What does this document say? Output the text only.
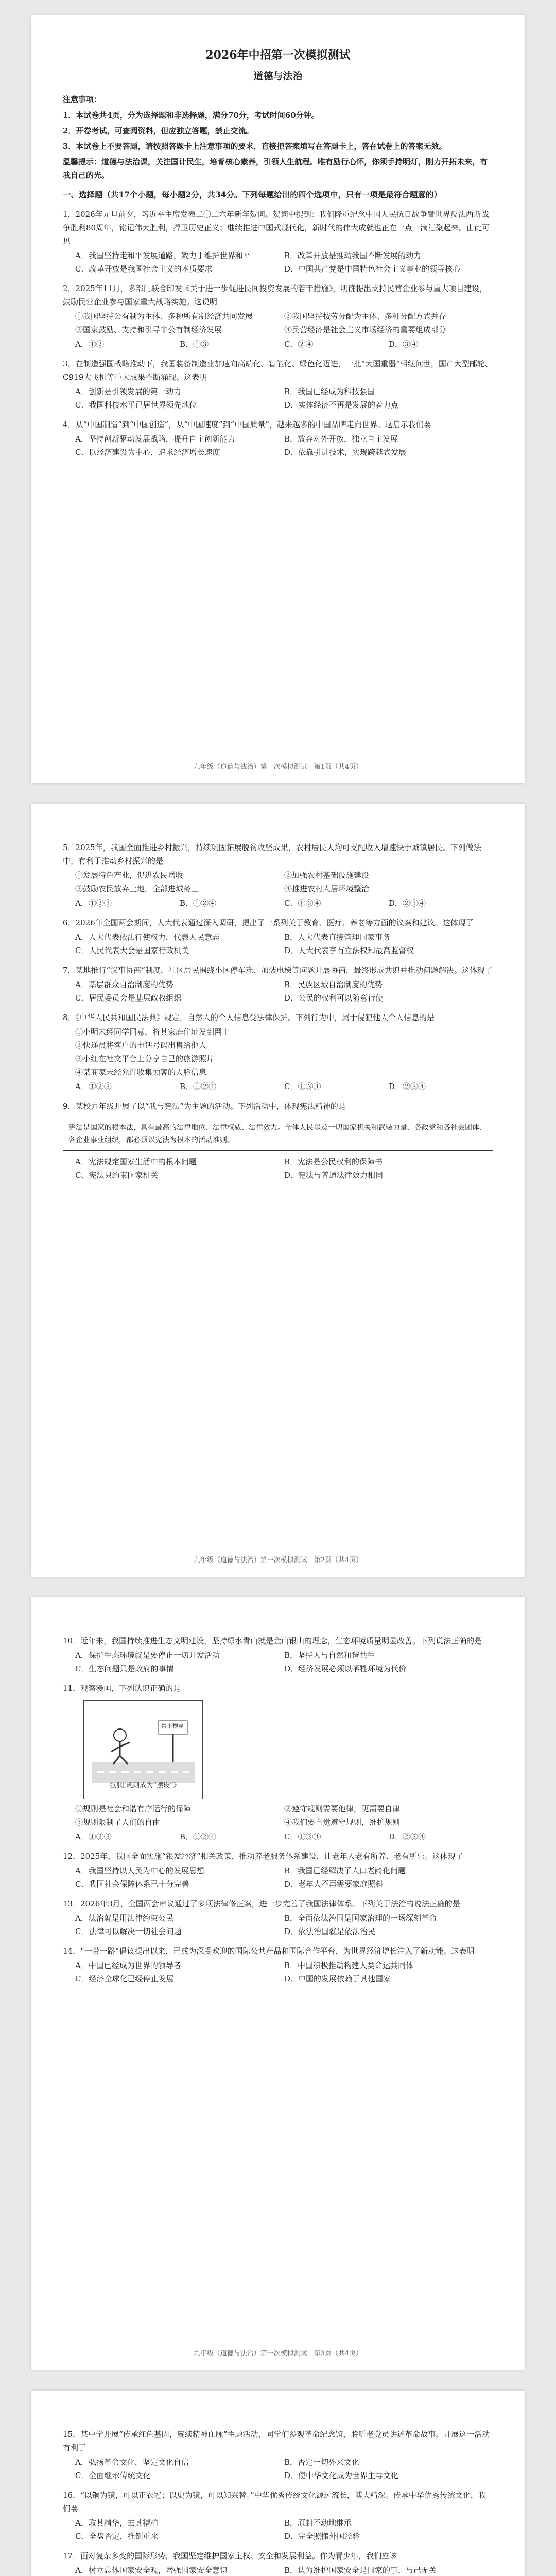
2026年中招第一次模拟测试

道德与法治

注意事项：

1．本试卷共4页，分为选择题和非选择题，满分70分，考试时间60分钟。

2．开卷考试，可查阅资料，但应独立答题，禁止交流。

3．本试卷上不要答题，请按照答题卡上注意事项的要求，直接把答案填写在答题卡上，答在试卷上的答案无效。

温馨提示：道德与法治课，关注国计民生，培育核心素养，引领人生航程。唯有励行心怀，你须手持明灯，刚力开拓未来，有我自己的光。

一、选择题（共17个小题，每小题2分，共34分。下列每题给出的四个选项中，只有一项是最符合题意的）

1．2026年元旦前夕，习近平主席发表二〇二六年新年贺词。贺词中提到：我们隆重纪念中国人民抗日战争暨世界反法西斯战争胜利80周年，铭记伟大胜利，捍卫历史正义；继续推进中国式现代化，新时代的伟大成就也正在一点一滴汇聚起来。由此可见

A．我国坚持走和平发展道路，致力于维护世界和平	B．改革开放是推动我国不断发展的动力
C．改革开放是我国社会主义的本质要求	D．中国共产党是中国特色社会主义事业的领导核心

2．2025年11月，多部门联合印发《关于进一步促进民间投资发展的若干措施》，明确提出支持民营企业参与重大项目建设，鼓励民营企业参与国家重大战略实施。这说明

①我国坚持公有制为主体、多种所有制经济共同发展	②我国坚持按劳分配为主体、多种分配方式并存
③国家鼓励、支持和引导非公有制经济发展	④民营经济是社会主义市场经济的重要组成部分
A．①②	B．①③	C．②④	D．③④

3．在制造强国战略推动下，我国装备制造业加速向高端化、智能化、绿色化迈进，一批“大国重器”相继问世，国产大型邮轮、C919大飞机等重大成果不断涌现。这表明

A．创新是引领发展的第一动力	B．我国已经成为科技强国
C．我国科技水平已居世界领先地位	D．实体经济不再是发展的着力点

4．从“中国制造”到“中国创造”，从“中国速度”到“中国质量”，越来越多的中国品牌走向世界。这启示我们要

A．坚持创新驱动发展战略，提升自主创新能力	B．放弃对外开放，独立自主发展
C．以经济建设为中心，追求经济增长速度	D．依靠引进技术，实现跨越式发展
九年级（道德与法治）第一次模拟测试　第1页（共4页）

5．2025年，我国全面推进乡村振兴，持续巩固拓展脱贫攻坚成果，农村居民人均可支配收入增速快于城镇居民。下列做法中，有利于推动乡村振兴的是

①发展特色产业，促进农民增收	②加强农村基础设施建设
③鼓励农民放弃土地，全部进城务工	④推进农村人居环境整治
A．①②③	B．①②④	C．①③④	D．②③④

6．2026年全国两会期间，人大代表通过深入调研，提出了一系列关于教育、医疗、养老等方面的议案和建议。这体现了

A．人大代表依法行使权力，代表人民意志	B．人大代表直接管理国家事务
C．人民代表大会是国家行政机关	D．人大代表享有立法权和最高监督权

7．某地推行“议事协商”制度，社区居民围绕小区停车难、加装电梯等问题开展协商，最终形成共识并推动问题解决。这体现了

A．基层群众自治制度的优势	B．民族区域自治制度的优势
C．居民委员会是基层政权组织	D．公民的权利可以随意行使

8．《中华人民共和国民法典》规定，自然人的个人信息受法律保护。下列行为中，属于侵犯他人个人信息的是

①小明未经同学同意，将其家庭住址发到网上
②快递员将客户的电话号码出售给他人
③小红在社交平台上分享自己的旅游照片
④某商家未经允许收集顾客的人脸信息
A．①②③	B．①②④	C．①③④	D．②③④

9．某校九年级开展了以“我与宪法”为主题的活动。下列活动中，体现宪法精神的是

宪法是国家的根本法，具有最高的法律地位、法律权威、法律效力。全体人民以及一切国家机关和武装力量、各政党和各社会团体、各企业事业组织，都必须以宪法为根本的活动准则。
A．宪法规定国家生活中的根本问题	B．宪法是公民权利的保障书
C．宪法只约束国家机关	D．宪法与普通法律效力相同
九年级（道德与法治）第一次模拟测试　第2页（共4页）

10．近年来，我国持续推进生态文明建设，坚持绿水青山就是金山银山的理念，生态环境质量明显改善。下列说法正确的是

A．保护生态环境就是要停止一切开发活动	B．坚持人与自然和谐共生
C．生态问题只是政府的事情	D．经济发展必须以牺牲环境为代价

11．观察漫画，下列认识正确的是

禁止横穿
《别让规则成为“摆设”》
①规则是社会和谐有序运行的保障	②遵守规则需要他律，更需要自律
③规则限制了人们的自由	④我们要自觉遵守规则，维护规则
A．①②③	B．①②④	C．①③④	D．②③④

12．2025年，我国全面实施“银发经济”相关政策，推动养老服务体系建设，让老年人老有所养、老有所乐。这体现了

A．我国坚持以人民为中心的发展思想	B．我国已经解决了人口老龄化问题
C．我国社会保障体系已十分完善	D．老年人不再需要家庭照料

13．2026年3月，全国两会审议通过了多项法律修正案，进一步完善了我国法律体系。下列关于法治的说法正确的是

A．法治就是用法律约束公民	B．全面依法治国是国家治理的一场深刻革命
C．法律可以解决一切社会问题	D．依法治国就是依法治民

14．“一带一路”倡议提出以来，已成为深受欢迎的国际公共产品和国际合作平台，为世界经济增长注入了新动能。这表明

A．中国已经成为世界的领导者	B．中国积极推动构建人类命运共同体
C．经济全球化已经停止发展	D．中国的发展依赖于其他国家
九年级（道德与法治）第一次模拟测试　第3页（共4页）

15．某中学开展“传承红色基因，赓续精神血脉”主题活动，同学们参观革命纪念馆，聆听老党员讲述革命故事。开展这一活动有利于

A．弘扬革命文化，坚定文化自信	B．否定一切外来文化
C．全面继承传统文化	D．使中华文化成为世界主导文化

16．“以铜为镜，可以正衣冠；以史为镜，可以知兴替。”中华优秀传统文化源远流长，博大精深。传承中华优秀传统文化，我们要

A．取其精华，去其糟粕	B．原封不动地继承
C．全盘否定，推倒重来	D．完全照搬外国经验

17．面对复杂多变的国际形势，我国坚定维护国家主权、安全和发展利益。作为青少年，我们应该

A．树立总体国家安全观，增强国家安全意识	B．认为维护国家安全是国家的事，与己无关
